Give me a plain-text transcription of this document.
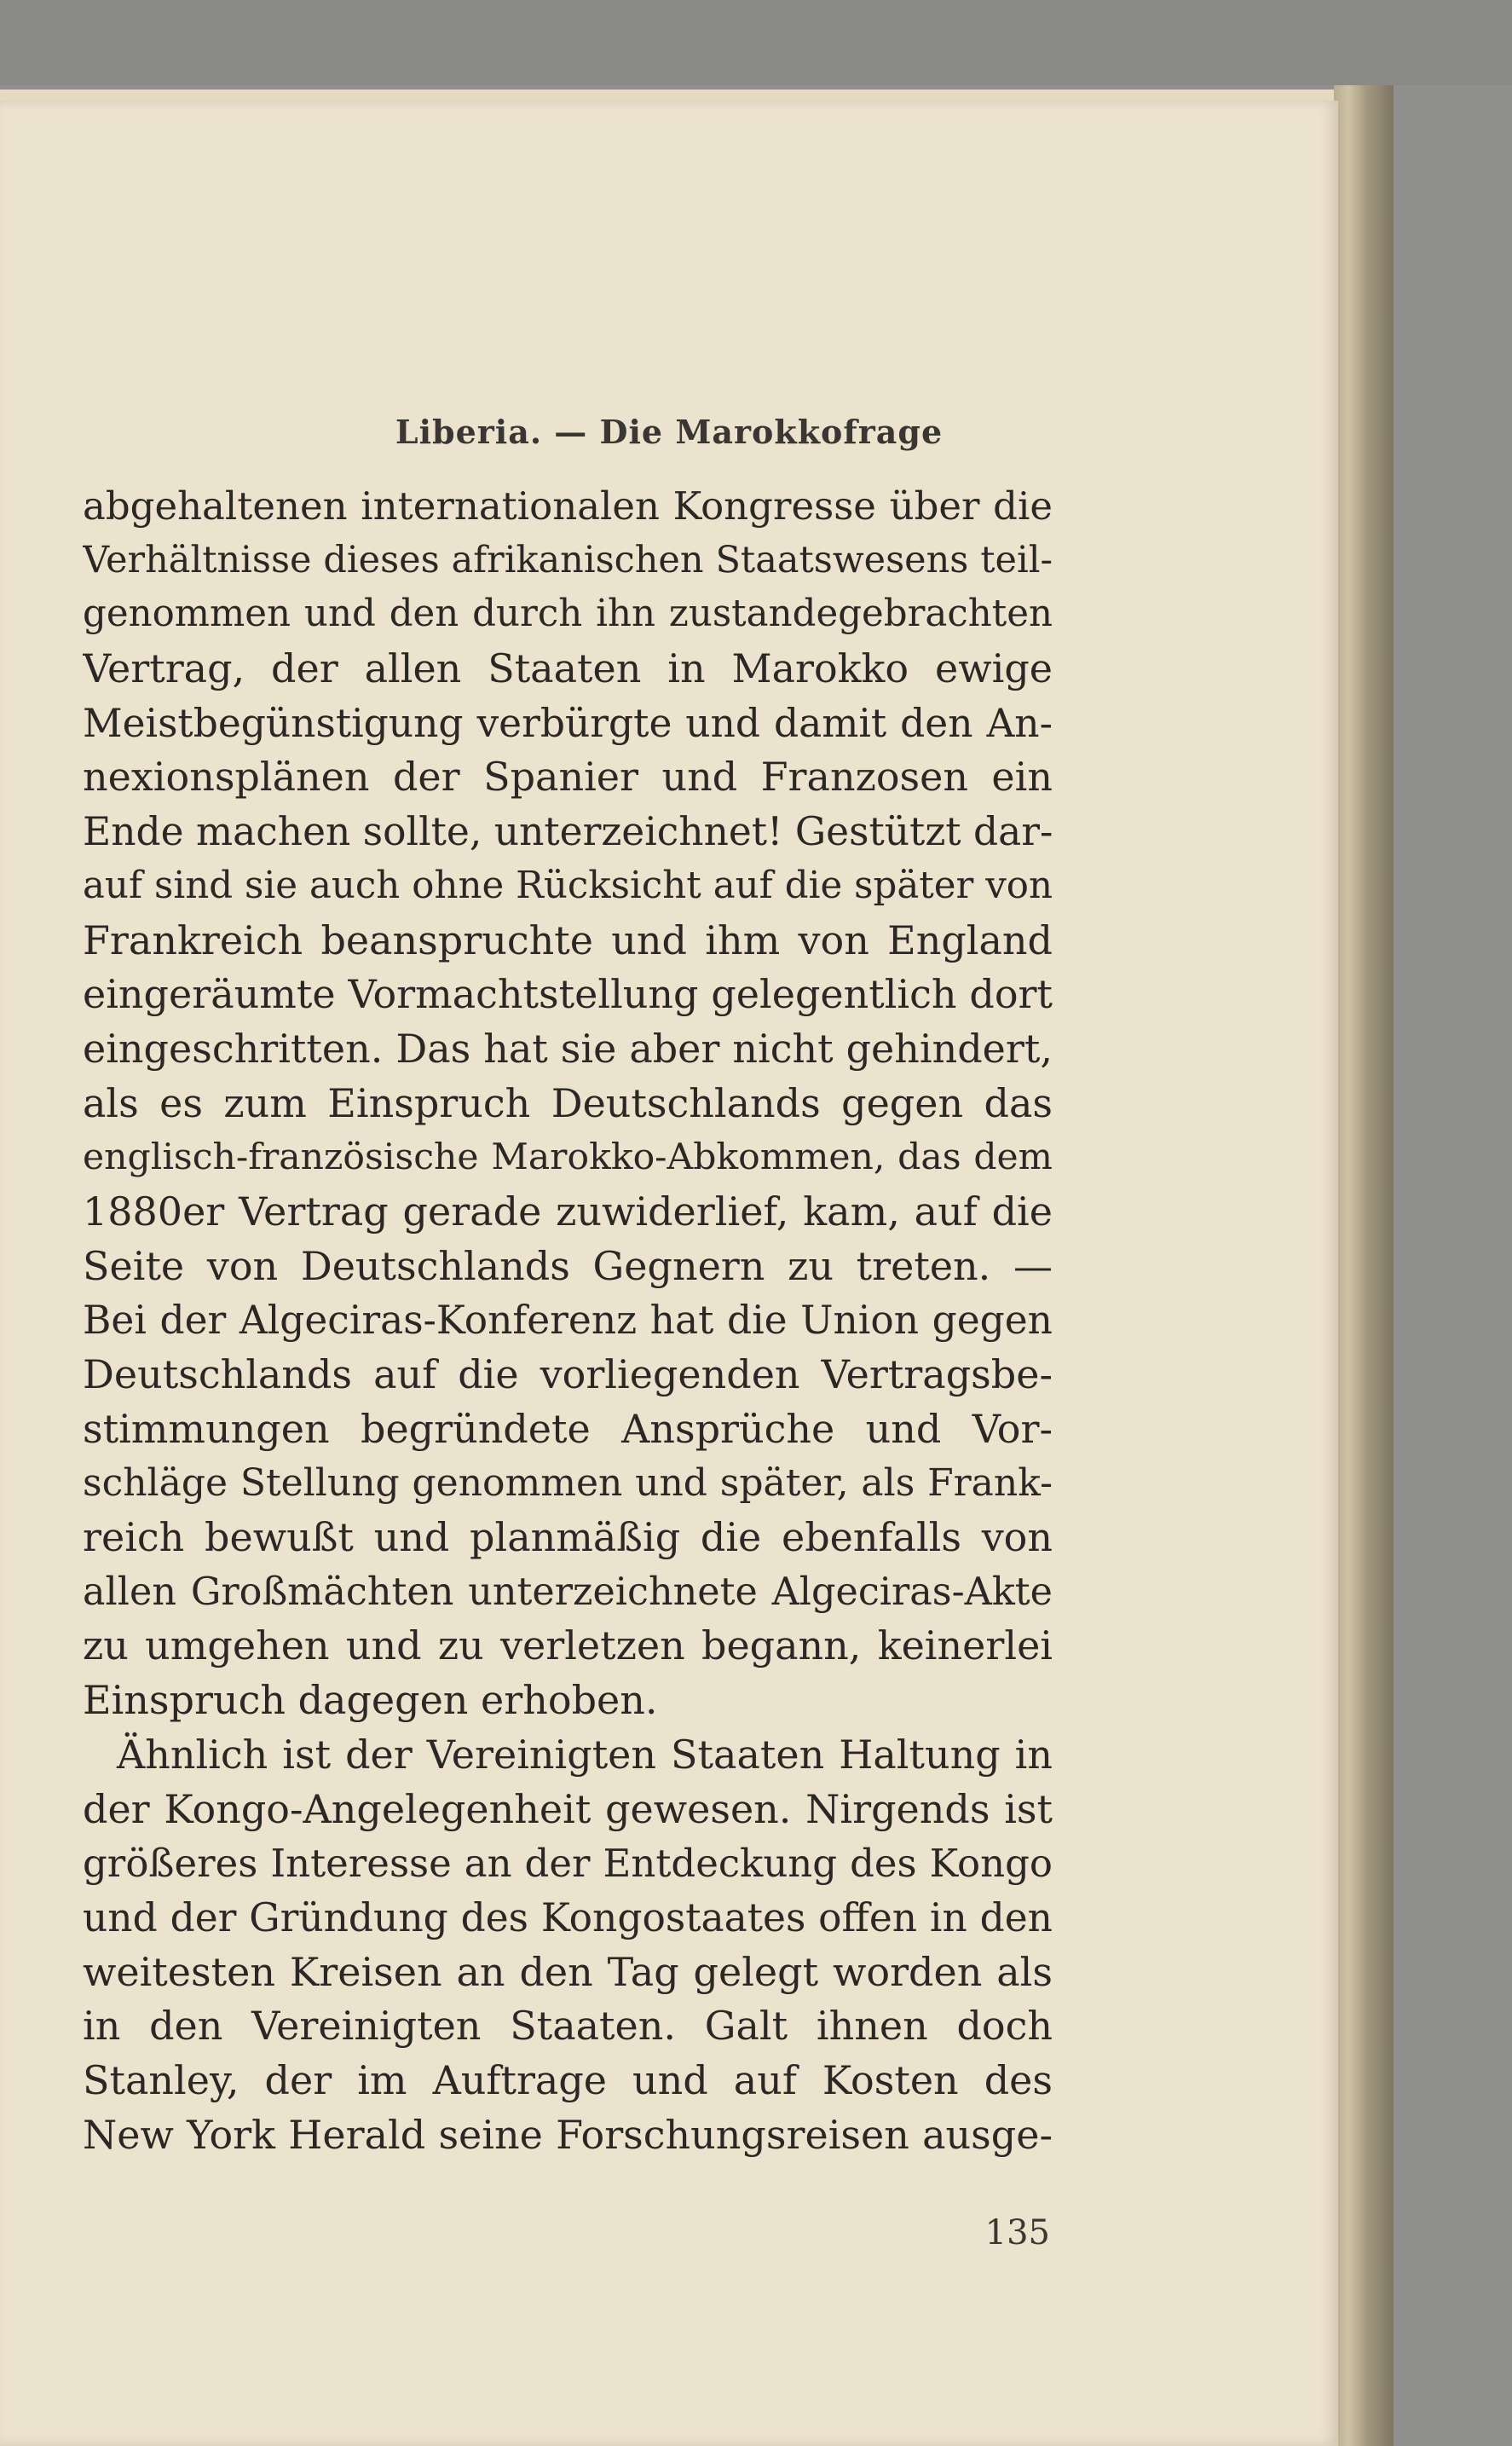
Liberia. — Die Marokkofrage
abgehaltenen internationalen Kongresse über die
Verhältnisse dieses afrikanischen Staatswesens teil-
genommen und den durch ihn zustandegebrachten
Vertrag, der allen Staaten in Marokko ewige
Meistbegünstigung verbürgte und damit den An-
nexionsplänen der Spanier und Franzosen ein
Ende machen sollte, unterzeichnet! Gestützt dar-
auf sind sie auch ohne Rücksicht auf die später von
Frankreich beanspruchte und ihm von England
eingeräumte Vormachtstellung gelegentlich dort
eingeschritten. Das hat sie aber nicht gehindert,
als es zum Einspruch Deutschlands gegen das
englisch-französische Marokko-Abkommen, das dem
1880er Vertrag gerade zuwiderlief, kam, auf die
Seite von Deutschlands Gegnern zu treten. —
Bei der Algeciras-Konferenz hat die Union gegen
Deutschlands auf die vorliegenden Vertragsbe-
stimmungen begründete Ansprüche und Vor-
schläge Stellung genommen und später, als Frank-
reich bewußt und planmäßig die ebenfalls von
allen Großmächten unterzeichnete Algeciras-Akte
zu umgehen und zu verletzen begann, keinerlei
Einspruch dagegen erhoben.
Ähnlich ist der Vereinigten Staaten Haltung in
der Kongo-Angelegenheit gewesen. Nirgends ist
größeres Interesse an der Entdeckung des Kongo
und der Gründung des Kongostaates offen in den
weitesten Kreisen an den Tag gelegt worden als
in den Vereinigten Staaten. Galt ihnen doch
Stanley, der im Auftrage und auf Kosten des
New York Herald seine Forschungsreisen ausge-

135
